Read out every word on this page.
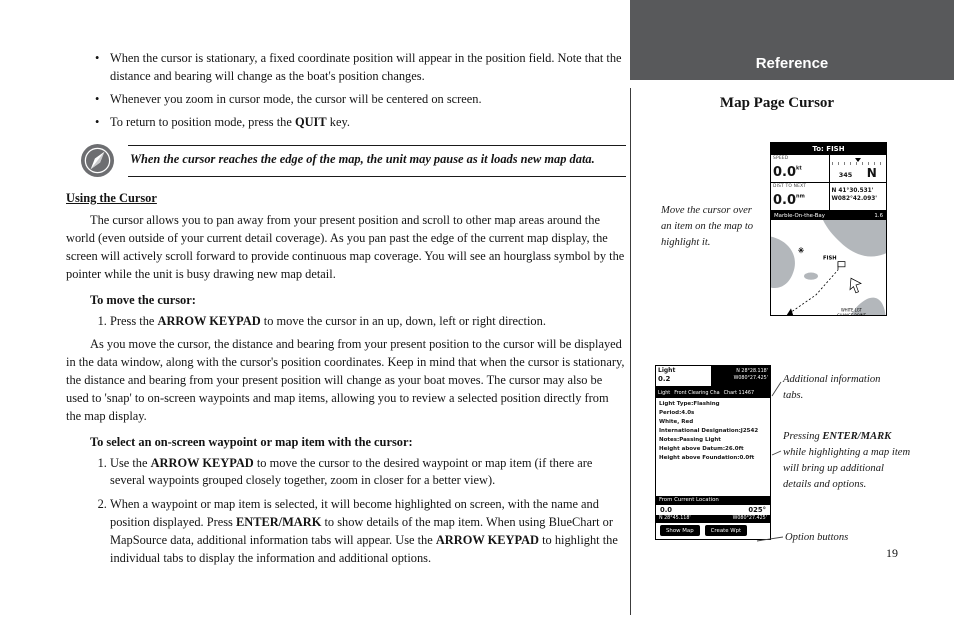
• When the cursor is stationary, a fixed coordinate position will appear in the position field. Note that the distance and bearing will change as the boat's position changes.
• Whenever you zoom in cursor mode, the cursor will be centered on screen.
• To return to position mode, press the QUIT key.
When the cursor reaches the edge of the map, the unit may pause as it loads new map data.
Using the Cursor

The cursor allows you to pan away from your present position and scroll to other map areas around the world (even outside of your current detail coverage). As you pan past the edge of the current map display, the screen will actively scroll forward to provide continuous map coverage. You will see an hourglass symbol by the pointer while the unit is busy drawing new map detail.

To move the cursor:
1. Press the ARROW KEYPAD to move the cursor in an up, down, left or right direction.

As you move the cursor, the distance and bearing from your present position to the cursor will be displayed in the data window, along with the cursor's position coordinates. Keep in mind that when the cursor is stationary, the distance and bearing from your present position will change as your boat moves. The cursor may also be used to 'snap' to on-screen waypoints and map items, allowing you to review a selected position directly from the map display.

To select an on-screen waypoint or map item with the cursor:
1. Use the ARROW KEYPAD to move the cursor to the desired waypoint or map item (if there are several waypoints grouped closely together, zoom in closer for a better view).
2. When a waypoint or map item is selected, it will become highlighted on screen, with the name and position displayed. Press ENTER/MARK to show details of the map item. When using BlueChart or MapSource data, additional information tabs will appear. Use the ARROW KEYPAD to highlight the individual tabs to display the information and additional options.
Reference
Map Page Cursor
Move the cursor over an item on the map to highlight it.
Additional information tabs.
Pressing ENTER/MARK while highlighting a map item will bring up additional details and options.
Option buttons
To: FISH
SPEED
$0.0^{kt}$
345 N
DIST TO NEXT
$0.0^{nm}$
N 41°30.531'
W082°42.093'
Marble-On-the-Bay	1.6
FISH
WHITE LGT
CHANGE POINT
Light
0.2
N 28°28.118'
W080°27.425'
Light Front Clearing Cha Chart 11467
Light Type:Flashing
Period:4.0s
White, Red
International Designation:J2542
Notes:Passing Light
Height above Datum:26.0ft
Height above Foundation:0.0ft
From Current Location
0.0	025°
N 28°45.118'	W080°27.425'
Show Map	Create Wpt
19
